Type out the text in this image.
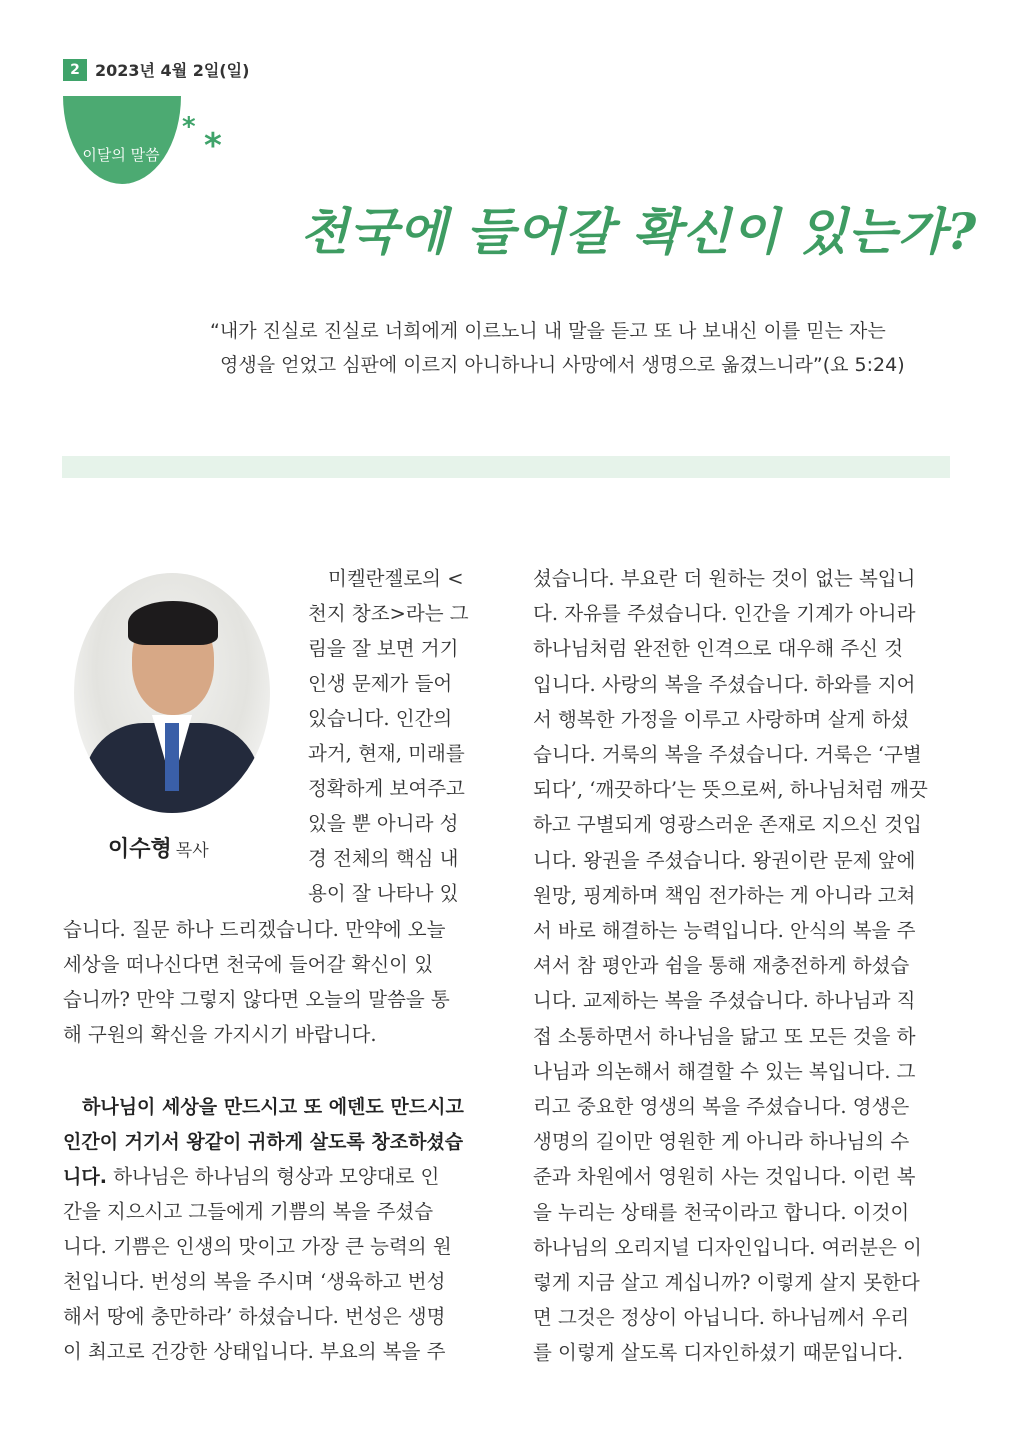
2 2023년 4월 2일(일)
이달의 말씀
* *
천국에 들어갈 확신이 있는가?
“내가 진실로 진실로 너희에게 이르노니 내 말을 듣고 또 나 보내신 이를 믿는 자는
영생을 얻었고 심판에 이르지 아니하나니 사망에서 생명으로 옮겼느니라”(요 5:24)
이수형 목사
미켈란젤로의 <
천지 창조>라는 그
림을 잘 보면 거기
인생 문제가 들어
있습니다. 인간의
과거, 현재, 미래를
정확하게 보여주고
있을 뿐 아니라 성
경 전체의 핵심 내
용이 잘 나타나 있
습니다. 질문 하나 드리겠습니다. 만약에 오늘
세상을 떠나신다면 천국에 들어갈 확신이 있
습니까? 만약 그렇지 않다면 오늘의 말씀을 통
해 구원의 확신을 가지시기 바랍니다.
하나님이 세상을 만드시고 또 에덴도 만드시고
인간이 거기서 왕같이 귀하게 살도록 창조하셨습
니다. 하나님은 하나님의 형상과 모양대로 인
간을 지으시고 그들에게 기쁨의 복을 주셨습
니다. 기쁨은 인생의 맛이고 가장 큰 능력의 원
천입니다. 번성의 복을 주시며 ‘생육하고 번성
해서 땅에 충만하라’ 하셨습니다. 번성은 생명
이 최고로 건강한 상태입니다. 부요의 복을 주
셨습니다. 부요란 더 원하는 것이 없는 복입니
다. 자유를 주셨습니다. 인간을 기계가 아니라
하나님처럼 완전한 인격으로 대우해 주신 것
입니다. 사랑의 복을 주셨습니다. 하와를 지어
서 행복한 가정을 이루고 사랑하며 살게 하셨
습니다. 거룩의 복을 주셨습니다. 거룩은 ‘구별
되다’, ‘깨끗하다’는 뜻으로써, 하나님처럼 깨끗
하고 구별되게 영광스러운 존재로 지으신 것입
니다. 왕권을 주셨습니다. 왕권이란 문제 앞에
원망, 핑계하며 책임 전가하는 게 아니라 고쳐
서 바로 해결하는 능력입니다. 안식의 복을 주
셔서 참 평안과 쉼을 통해 재충전하게 하셨습
니다. 교제하는 복을 주셨습니다. 하나님과 직
접 소통하면서 하나님을 닮고 또 모든 것을 하
나님과 의논해서 해결할 수 있는 복입니다. 그
리고 중요한 영생의 복을 주셨습니다. 영생은
생명의 길이만 영원한 게 아니라 하나님의 수
준과 차원에서 영원히 사는 것입니다. 이런 복
을 누리는 상태를 천국이라고 합니다. 이것이
하나님의 오리지널 디자인입니다. 여러분은 이
렇게 지금 살고 계십니까? 이렇게 살지 못한다
면 그것은 정상이 아닙니다. 하나님께서 우리
를 이렇게 살도록 디자인하셨기 때문입니다.
